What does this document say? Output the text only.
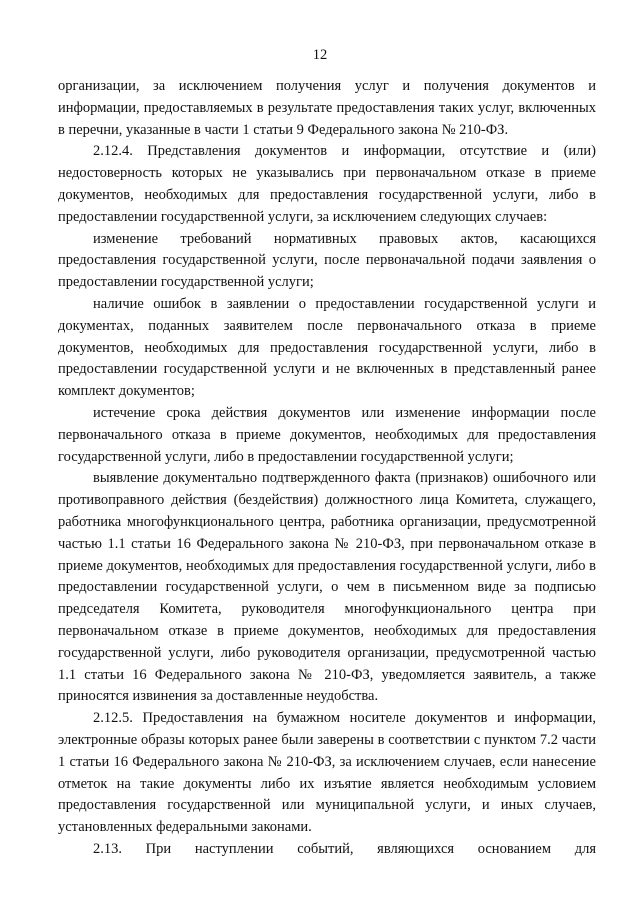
12

организации, за исключением получения услуг и получения документов и информации, предоставляемых в результате предоставления таких услуг, включенных в перечни, указанные в части 1 статьи 9 Федерального закона № 210-ФЗ.

2.12.4. Представления документов и информации, отсутствие и (или) недостоверность которых не указывались при первоначальном отказе в приеме документов, необходимых для предоставления государственной услуги, либо в предоставлении государственной услуги, за исключением следующих случаев:

изменение требований нормативных правовых актов, касающихся предоставления государственной услуги, после первоначальной подачи заявления о предоставлении государственной услуги;

наличие ошибок в заявлении о предоставлении государственной услуги и документах, поданных заявителем после первоначального отказа в приеме документов, необходимых для предоставления государственной услуги, либо в предоставлении государственной услуги и не включенных в представленный ранее комплект документов;

истечение срока действия документов или изменение информации после первоначального отказа в приеме документов, необходимых для предоставления государственной услуги, либо в предоставлении государственной услуги;

выявление документально подтвержденного факта (признаков) ошибочного или противоправного действия (бездействия) должностного лица Комитета, служащего, работника многофункционального центра, работника организации, предусмотренной частью 1.1 статьи 16 Федерального закона № 210-ФЗ, при первоначальном отказе в приеме документов, необходимых для предоставления государственной услуги, либо в предоставлении государственной услуги, о чем в письменном виде за подписью председателя Комитета, руководителя многофункционального центра при первоначальном отказе в приеме документов, необходимых для предоставления государственной услуги, либо руководителя организации, предусмотренной частью 1.1 статьи 16 Федерального закона № 210-ФЗ, уведомляется заявитель, а также приносятся извинения за доставленные неудобства.

2.12.5. Предоставления на бумажном носителе документов и информации, электронные образы которых ранее были заверены в соответствии с пунктом 7.2 части 1 статьи 16 Федерального закона № 210-ФЗ, за исключением случаев, если нанесение отметок на такие документы либо их изъятие является необходимым условием предоставления государственной или муниципальной услуги, и иных случаев, установленных федеральными законами.

2.13. При наступлении событий, являющихся основанием для
